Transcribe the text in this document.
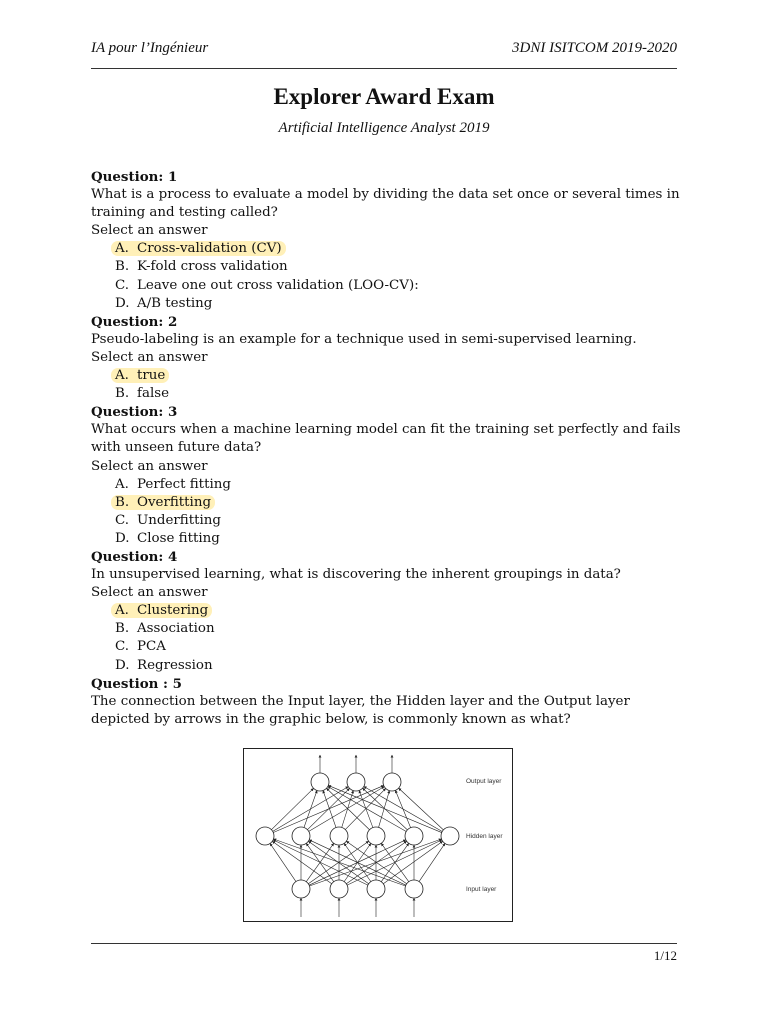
IA pour l’Ingénieur	3DNI ISITCOM 2019-2020
Explorer Award Exam
Artificial Intelligence Analyst 2019
Question: 1
What is a process to evaluate a model by dividing the data set once or several times in training and testing called?
Select an answer
A. Cross-validation (CV)
B. K-fold cross validation
C. Leave one out cross validation (LOO-CV):
D. A/B testing
Question: 2
Pseudo-labeling is an example for a technique used in semi-supervised learning.
Select an answer
A. true
B. false
Question: 3
What occurs when a machine learning model can fit the training set perfectly and fails with unseen future data?
Select an answer
A. Perfect fitting
B. Overfitting
C. Underfitting
D. Close fitting
Question: 4
In unsupervised learning, what is discovering the inherent groupings in data?
Select an answer
A. Clustering
B. Association
C. PCA
D. Regression
Question : 5
The connection between the Input layer, the Hidden layer and the Output layer depicted by arrows in the graphic below, is commonly known as what?
Output layer
Hidden layer
Input layer
1/12
